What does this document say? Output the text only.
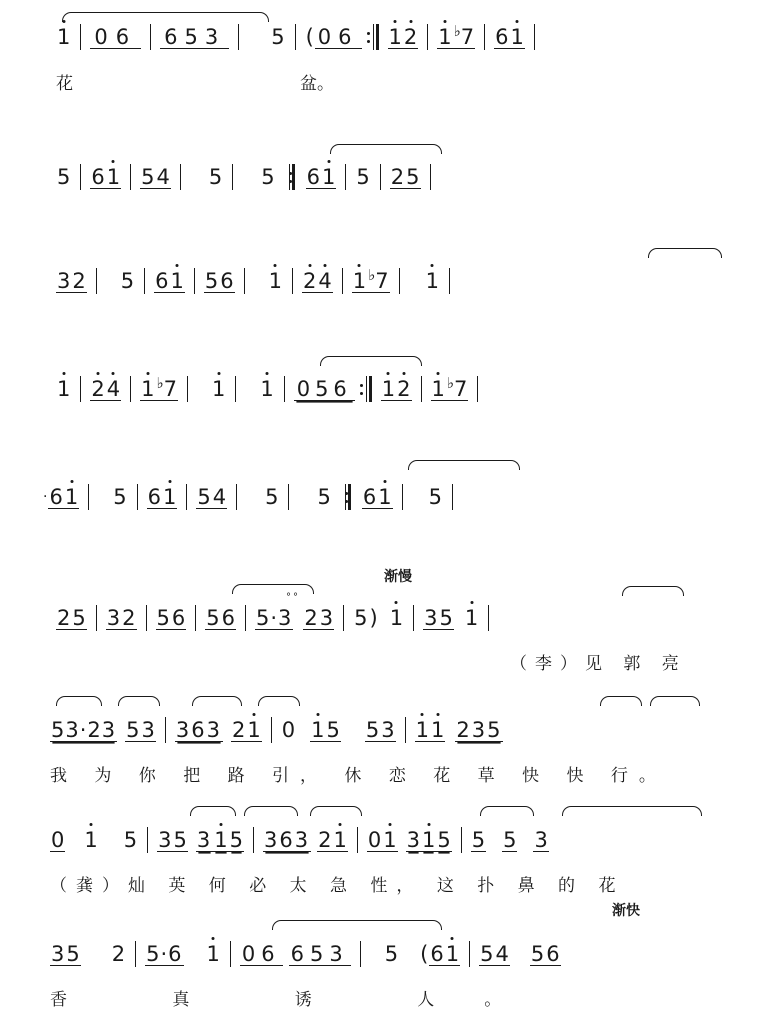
1 06 653 5 ( 06 1 2 1 ♭7 6 1
花	盆。
5 6 1 5 4 5 5 6 1 5 2 5
3 2 5 6 1 5 6 1 2 4 1 ♭7 1
1 2 4 1 ♭7 1 1 056 1 2 1 ♭7
· 6 1 5 6 1 5 4 5 5 6 1 5
渐慢
°°
2 5 3 2 5 6 5 6 5·3 2 3 5 ) 1 3 5 1
（李）见 郭 亮
53·23 5 3 363 2 1 0 1 5 5 3 1 1 235
我 为 你 把 路 引， 休 恋 花 草 快 快 行。
0 1 5 3 5 3 1 5 363 2 1 0 1 3 1 5 5 5 3
（龚）灿 英 何 必 太 急 性， 这 扑 鼻 的 花
渐快
3 5 2 5·6 1 06 653 5 ( 6 1 5 4 5 6
香 真 诱 人。
